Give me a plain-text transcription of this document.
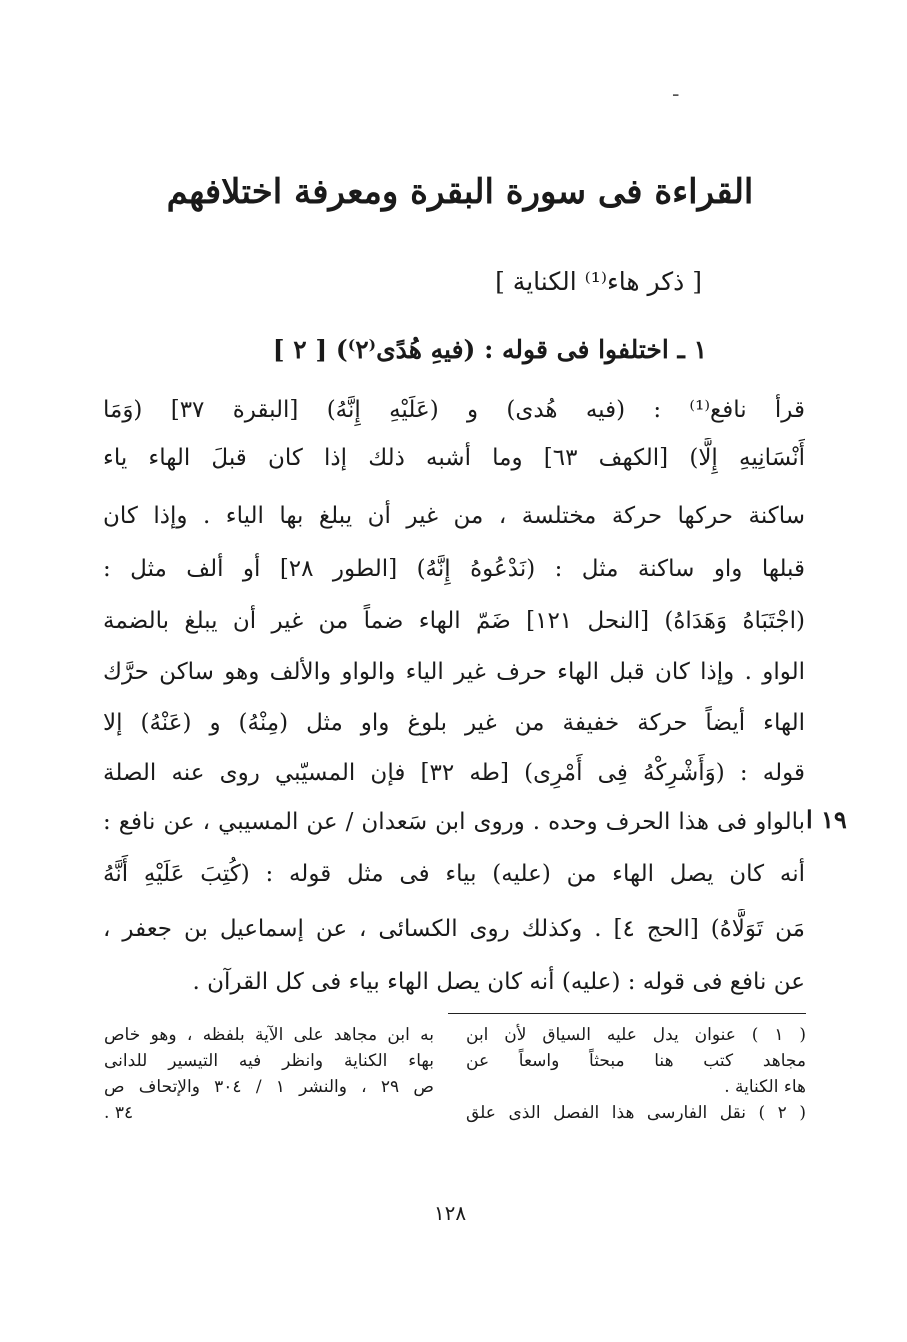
-
القراءة فى سورة البقرة ومعرفة اختلافهم
[ ذكر هاء⁽¹⁾ الكناية ]
١ ـ اختلفوا فى قوله : (فيهِ هُدًى⁽٢⁾) [ ٢ ]
قرأ نافع⁽¹⁾ : (فيه هُدى) و (عَلَيْهِ إِنَّهُ) [البقرة ٣٧] (وَمَا
أَنْسَانِيهِ إِلَّا) [الكهف ٦٣] وما أشبه ذلك إذا كان قبلَ الهاء ياء
ساكنة حركها حركة مختلسة ، من غير أن يبلغ بها الياء . وإذا كان
قبلها واو ساكنة مثل : (نَدْعُوهُ إِنَّهُ) [الطور ٢٨] أو ألف مثل :
(اجْتَبَاهُ وَهَدَاهُ) [النحل ١٢١] ضَمّ الهاء ضماً من غير أن يبلغ بالضمة
الواو . وإذا كان قبل الهاء حرف غير الياء والواو والألف وهو ساكن حرَّك
الهاء أيضاً حركة خفيفة من غير بلوغ واو مثل (مِنْهُ) و (عَنْهُ) إلا
قوله : (وَأَشْرِكْهُ فِى أَمْرِى) [طه ٣٢] فإن المسيّبي روى عنه الصلة
بالواو فى هذا الحرف وحده . وروى ابن سَعدان / عن المسيبي ، عن نافع :
أنه كان يصل الهاء من (عليه) بياء فى مثل قوله : (كُتِبَ عَلَيْهِ أَنَّهُ
مَن تَوَلَّاهُ) [الحج ٤] . وكذلك روى الكسائى ، عن إسماعيل بن جعفر ،
عن نافع فى قوله : (عليه) أنه كان يصل الهاء بياء فى كل القرآن .
١٩ ا
( ١ ) عنوان يدل عليه السياق لأن ابن
مجاهد كتب هنا مبحثاً واسعاً عن
هاء الكناية .
( ٢ ) نقل الفارسى هذا الفصل الذى علق
به ابن مجاهد على الآية بلفظه ، وهو خاص
بهاء الكناية وانظر فيه التيسير للدانى
ص ٢٩ ، والنشر ١ / ٣٠٤ والإتحاف ص
٣٤ .
١٢٨
